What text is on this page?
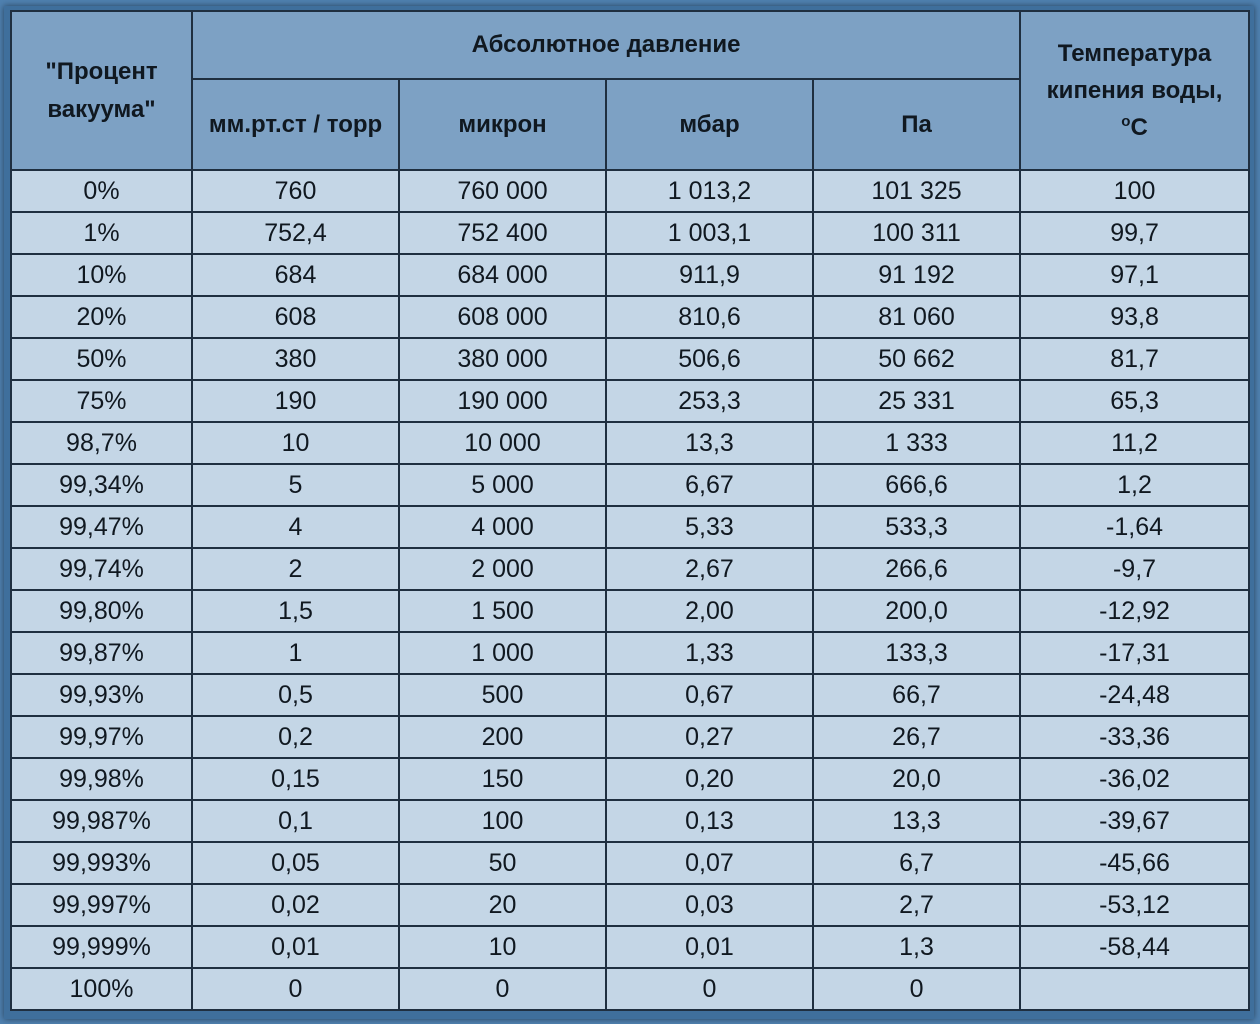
"Процент вакуума"	Абсолютное давление				Температура кипения воды,
$^o$C
	мм.рт.ст / торр	микрон	мбар	Па	
0%	760	760 000	1 013,2	101 325	100
1%	752,4	752 400	1 003,1	100 311	99,7
10%	684	684 000	911,9	91 192	97,1
20%	608	608 000	810,6	81 060	93,8
50%	380	380 000	506,6	50 662	81,7
75%	190	190 000	253,3	25 331	65,3
98,7%	10	10 000	13,3	1 333	11,2
99,34%	5	5 000	6,67	666,6	1,2
99,47%	4	4 000	5,33	533,3	-1,64
99,74%	2	2 000	2,67	266,6	-9,7
99,80%	1,5	1 500	2,00	200,0	-12,92
99,87%	1	1 000	1,33	133,3	-17,31
99,93%	0,5	500	0,67	66,7	-24,48
99,97%	0,2	200	0,27	26,7	-33,36
99,98%	0,15	150	0,20	20,0	-36,02
99,987%	0,1	100	0,13	13,3	-39,67
99,993%	0,05	50	0,07	6,7	-45,66
99,997%	0,02	20	0,03	2,7	-53,12
99,999%	0,01	10	0,01	1,3	-58,44
100%	0	0	0	0	
